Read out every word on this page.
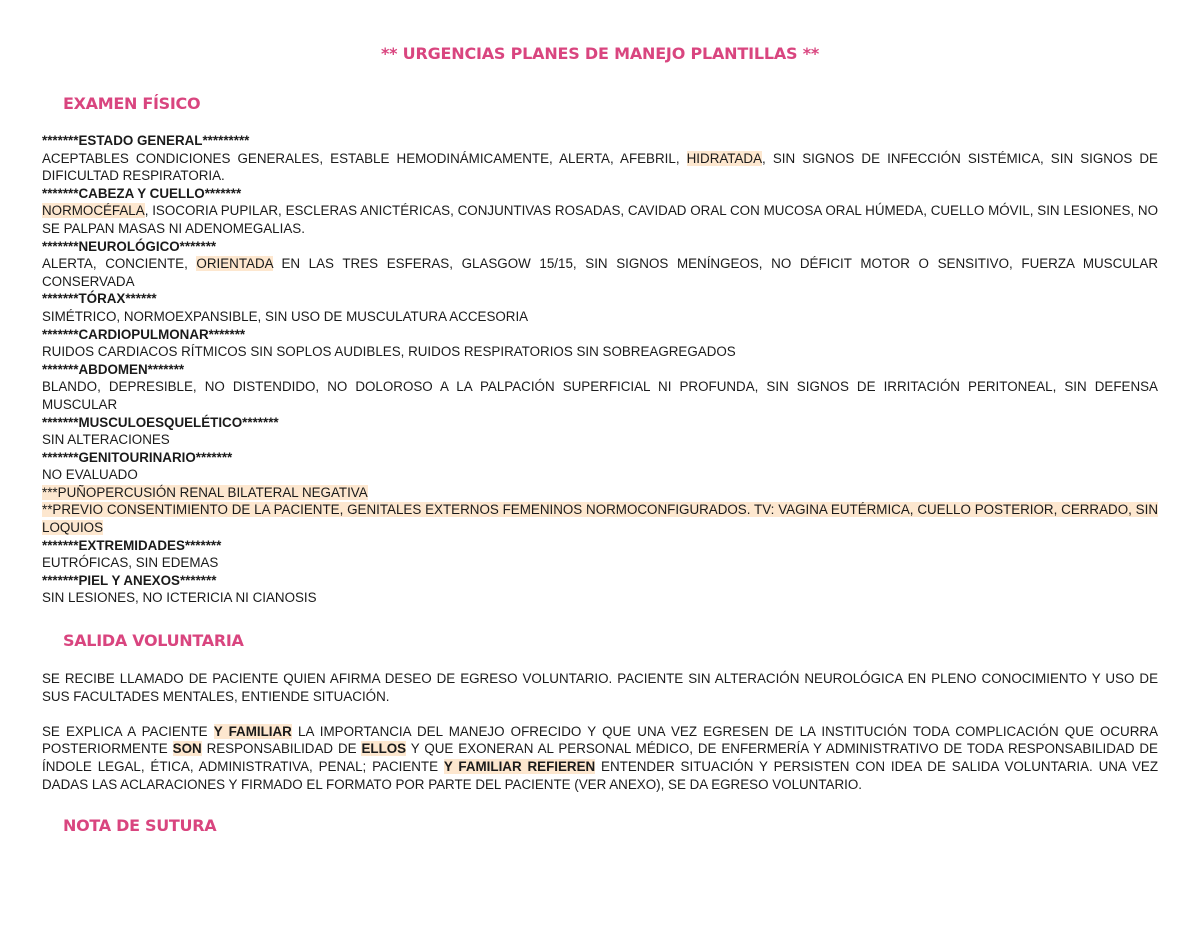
** URGENCIAS PLANES DE MANEJO PLANTILLAS **
EXAMEN FÍSICO

*******ESTADO GENERAL*********

ACEPTABLES CONDICIONES GENERALES, ESTABLE HEMODINÁMICAMENTE, ALERTA, AFEBRIL, HIDRATADA, SIN SIGNOS DE INFECCIÓN SISTÉMICA, SIN SIGNOS DE DIFICULTAD RESPIRATORIA.

*******CABEZA Y CUELLO*******

NORMOCÉFALA, ISOCORIA PUPILAR, ESCLERAS ANICTÉRICAS, CONJUNTIVAS ROSADAS, CAVIDAD ORAL CON MUCOSA ORAL HÚMEDA, CUELLO MÓVIL, SIN LESIONES, NO SE PALPAN MASAS NI ADENOMEGALIAS.

*******NEUROLÓGICO*******

ALERTA, CONCIENTE, ORIENTADA EN LAS TRES ESFERAS, GLASGOW 15/15, SIN SIGNOS MENÍNGEOS, NO DÉFICIT MOTOR O SENSITIVO, FUERZA MUSCULAR CONSERVADA

*******TÓRAX******

SIMÉTRICO, NORMOEXPANSIBLE, SIN USO DE MUSCULATURA ACCESORIA

*******CARDIOPULMONAR*******

RUIDOS CARDIACOS RÍTMICOS SIN SOPLOS AUDIBLES, RUIDOS RESPIRATORIOS SIN SOBREAGREGADOS

*******ABDOMEN*******

BLANDO, DEPRESIBLE, NO DISTENDIDO, NO DOLOROSO A LA PALPACIÓN SUPERFICIAL NI PROFUNDA, SIN SIGNOS DE IRRITACIÓN PERITONEAL, SIN DEFENSA MUSCULAR

*******MUSCULOESQUELÉTICO*******

SIN ALTERACIONES

*******GENITOURINARIO*******

NO EVALUADO

***PUÑOPERCUSIÓN RENAL BILATERAL NEGATIVA

**PREVIO CONSENTIMIENTO DE LA PACIENTE, GENITALES EXTERNOS FEMENINOS NORMOCONFIGURADOS. TV: VAGINA EUTÉRMICA, CUELLO POSTERIOR, CERRADO, SIN LOQUIOS

*******EXTREMIDADES*******

EUTRÓFICAS, SIN EDEMAS

*******PIEL Y ANEXOS*******

SIN LESIONES, NO ICTERICIA NI CIANOSIS

SALIDA VOLUNTARIA

SE RECIBE LLAMADO DE PACIENTE QUIEN AFIRMA DESEO DE EGRESO VOLUNTARIO. PACIENTE SIN ALTERACIÓN NEUROLÓGICA EN PLENO CONOCIMIENTO Y USO DE SUS FACULTADES MENTALES, ENTIENDE SITUACIÓN.

SE EXPLICA A PACIENTE Y FAMILIAR LA IMPORTANCIA DEL MANEJO OFRECIDO Y QUE UNA VEZ EGRESEN DE LA INSTITUCIÓN TODA COMPLICACIÓN QUE OCURRA POSTERIORMENTE SON RESPONSABILIDAD DE ELLOS Y QUE EXONERAN AL PERSONAL MÉDICO, DE ENFERMERÍA Y ADMINISTRATIVO DE TODA RESPONSABILIDAD DE ÍNDOLE LEGAL, ÉTICA, ADMINISTRATIVA, PENAL; PACIENTE Y FAMILIAR REFIEREN ENTENDER SITUACIÓN Y PERSISTEN CON IDEA DE SALIDA VOLUNTARIA. UNA VEZ DADAS LAS ACLARACIONES Y FIRMADO EL FORMATO POR PARTE DEL PACIENTE (VER ANEXO), SE DA EGRESO VOLUNTARIO.

NOTA DE SUTURA
